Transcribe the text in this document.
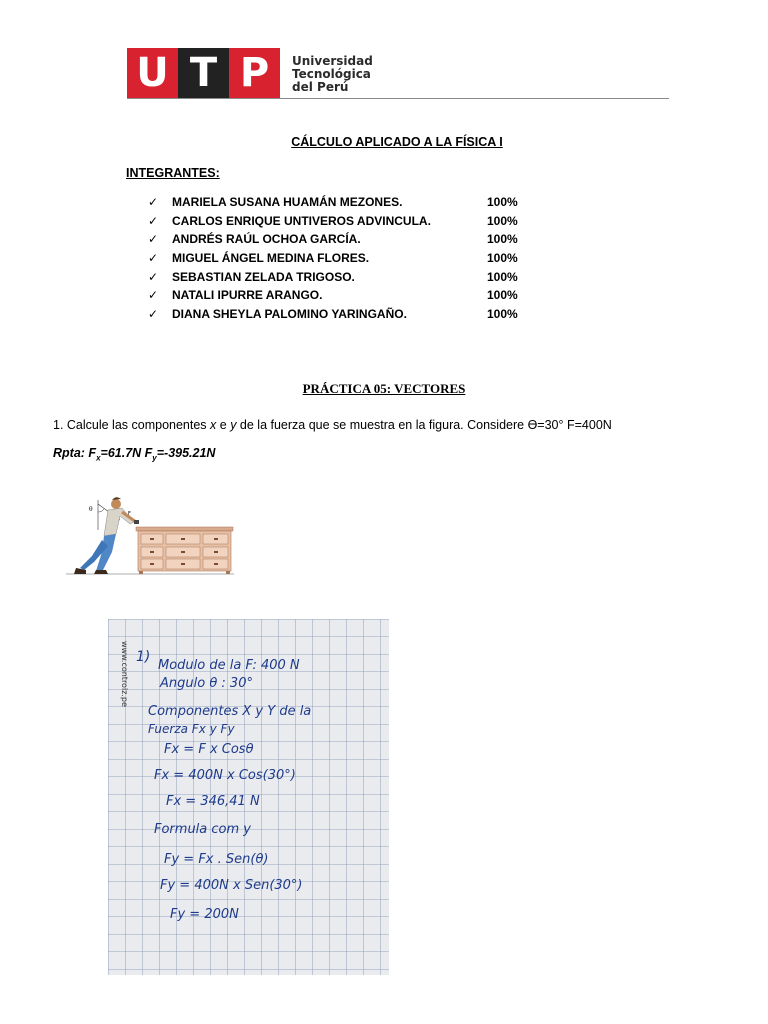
U T P	Universidad
Tecnológica
del Perú
CÁLCULO APLICADO A LA FÍSICA I
INTEGRANTES:
✓ MARIELA SUSANA HUAMÁN MEZONES.	100%
✓ CARLOS ENRIQUE UNTIVEROS ADVINCULA.	100%
✓ ANDRÉS RAÚL OCHOA GARCÍA.	100%
✓ MIGUEL ÁNGEL MEDINA FLORES.	100%
✓ SEBASTIAN ZELADA TRIGOSO.	100%
✓ NATALI IPURRE ARANGO.	100%
✓ DIANA SHEYLA PALOMINO YARINGAÑO.	100%
PRÁCTICA 05: VECTORES
1. Calcule las componentes x e y de la fuerza que se muestra en la figura. Considere ϴ=30° F=400N
Rpta: $F_x=61.7N$ $F_y=-395.21N$
θ
F
www.controlz.pe 1)
Modulo de la F: 400 N
Angulo θ : 30°
Componentes X y Y de la
Fuerza Fx y Fy
Fx = F x Cosθ
Fx = 400N x Cos(30°)
Fx = 346,41 N
Formula com y
Fy = Fx . Sen(θ)
Fy = 400N x Sen(30°)
Fy = 200N
